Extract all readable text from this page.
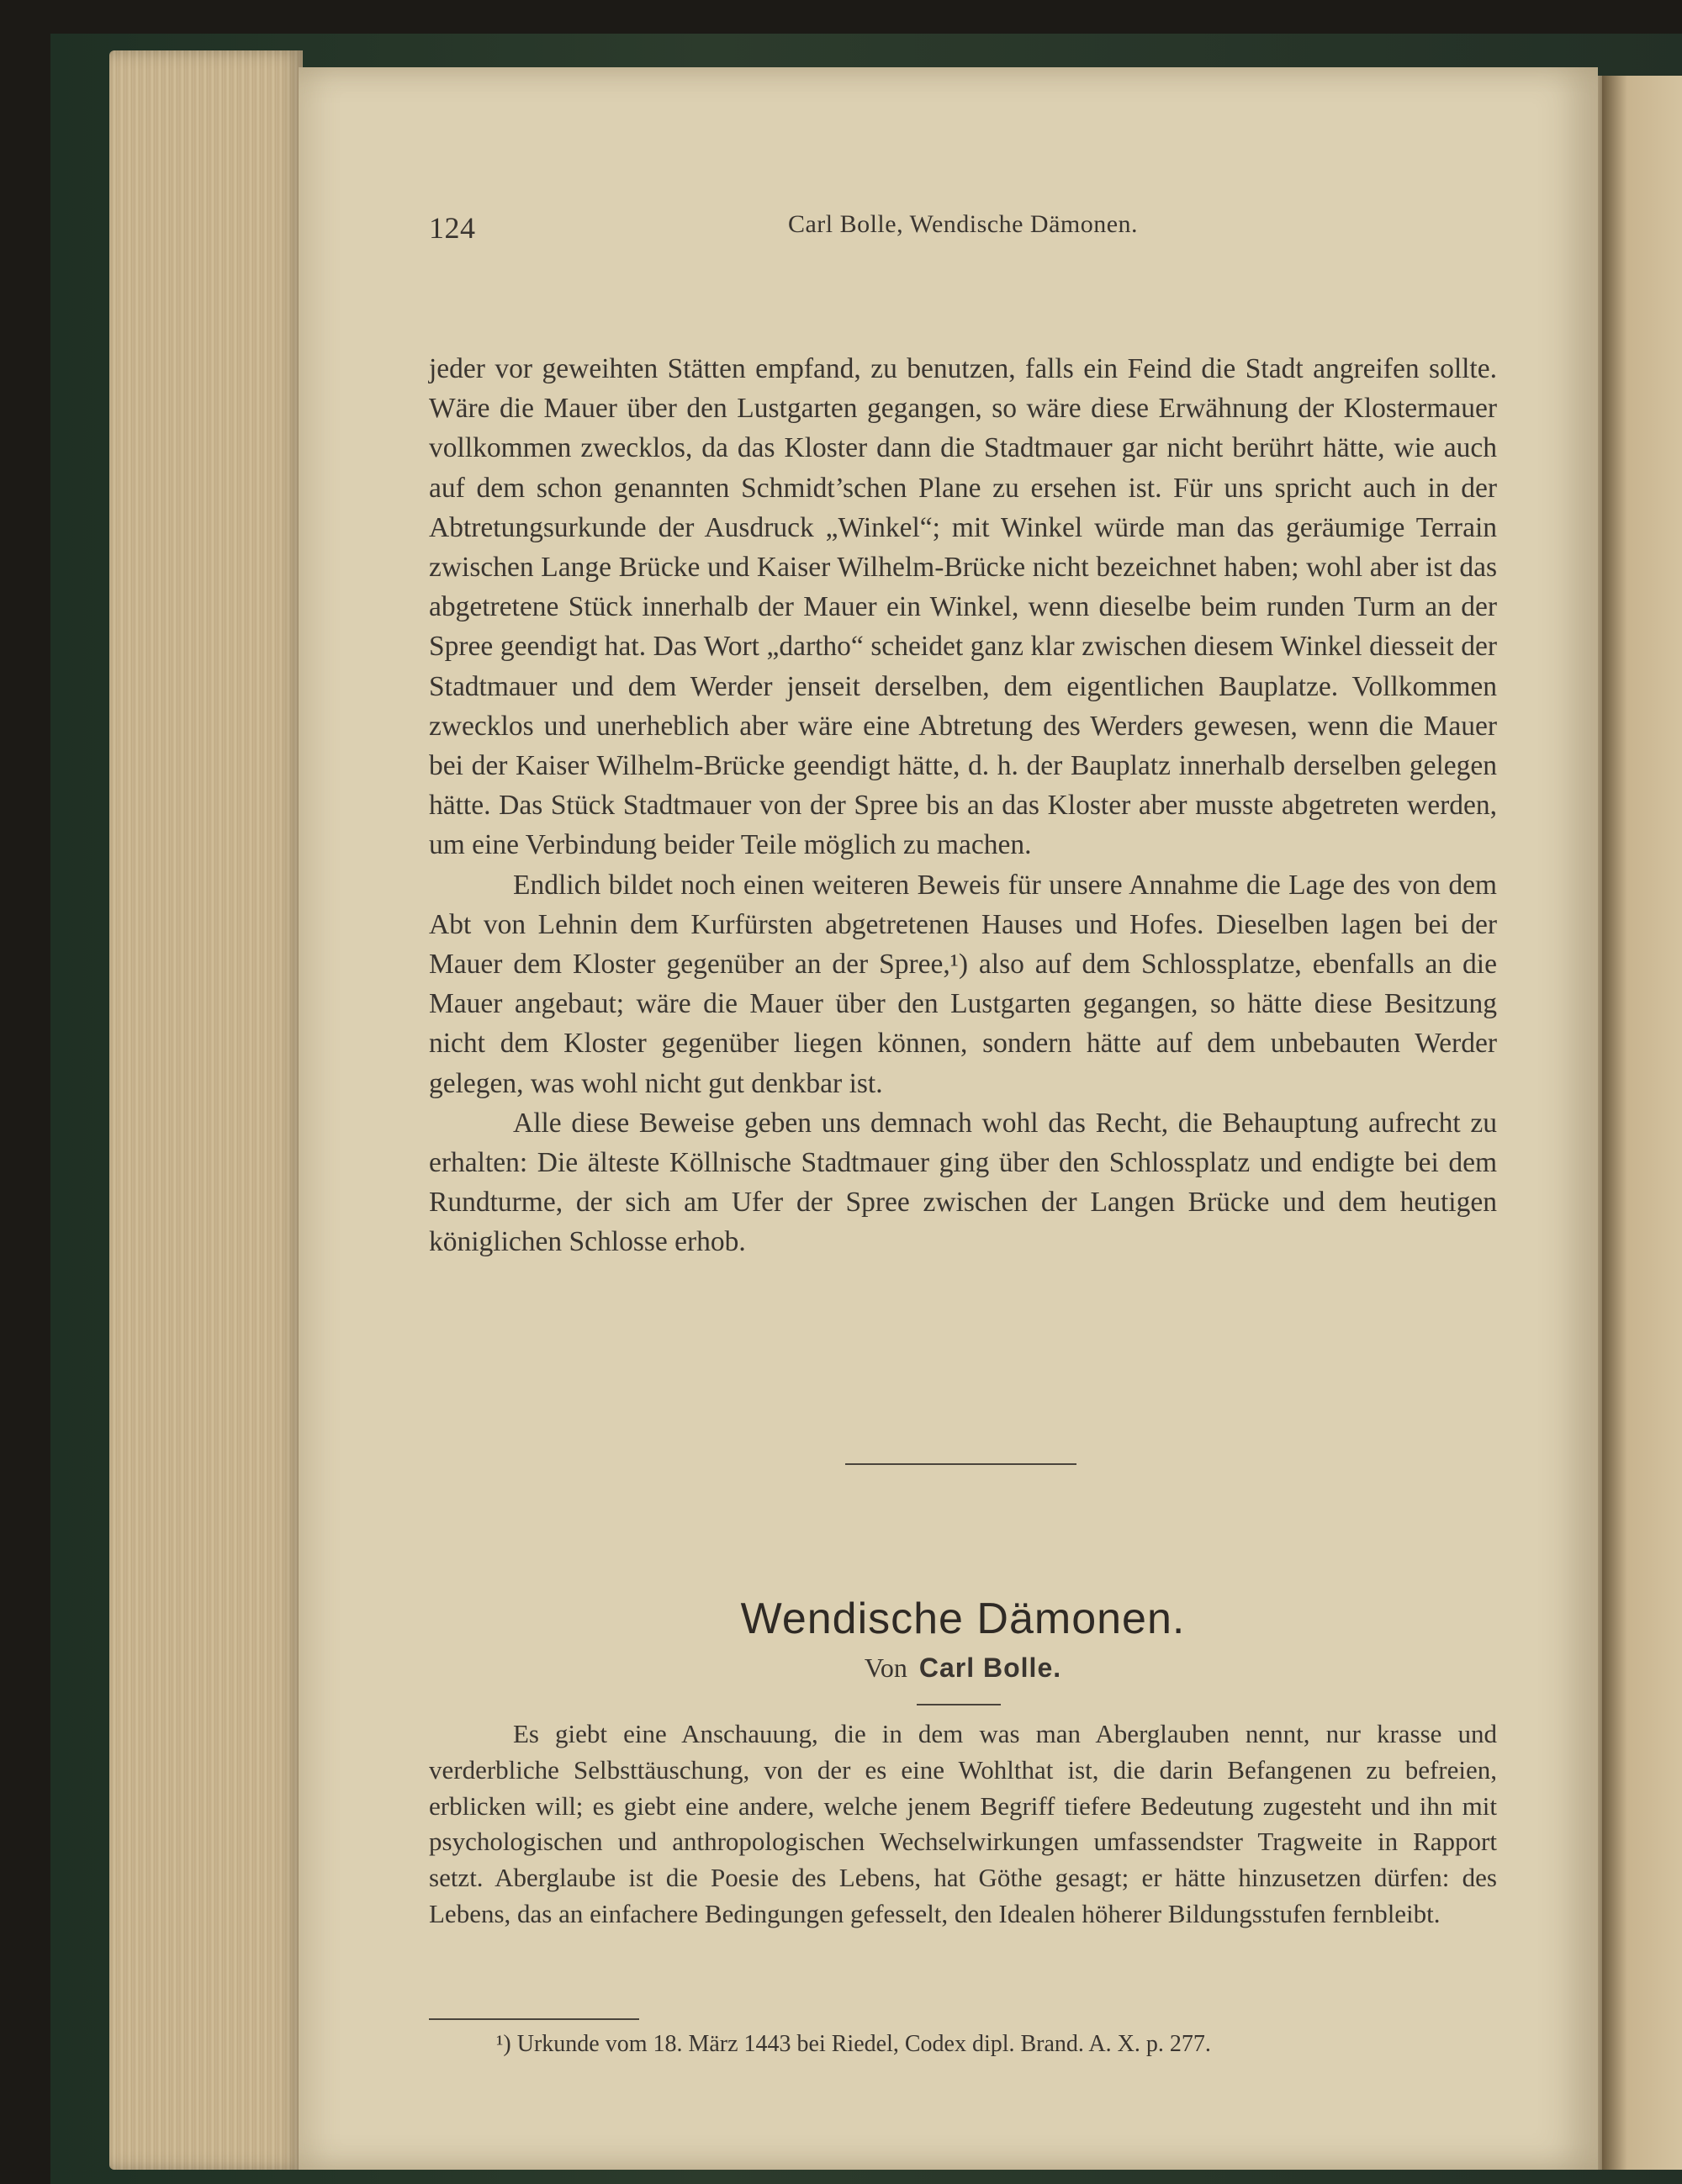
124	Carl Bolle, Wendische Dämonen.

jeder vor geweihten Stätten empfand, zu benutzen, falls ein Feind die Stadt angreifen sollte. Wäre die Mauer über den Lustgarten gegangen, so wäre diese Erwähnung der Klostermauer vollkommen zwecklos, da das Kloster dann die Stadtmauer gar nicht berührt hätte, wie auch auf dem schon genannten Schmidt’schen Plane zu ersehen ist. Für uns spricht auch in der Abtretungsurkunde der Ausdruck „Winkel“; mit Winkel würde man das geräumige Terrain zwischen Lange Brücke und Kaiser Wilhelm-Brücke nicht bezeichnet haben; wohl aber ist das abgetretene Stück innerhalb der Mauer ein Winkel, wenn dieselbe beim runden Turm an der Spree geendigt hat. Das Wort „dartho“ scheidet ganz klar zwischen diesem Winkel diesseit der Stadtmauer und dem Werder jenseit derselben, dem eigentlichen Bauplatze. Vollkommen zwecklos und unerheblich aber wäre eine Abtretung des Werders gewesen, wenn die Mauer bei der Kaiser Wilhelm-Brücke geendigt hätte, d. h. der Bauplatz innerhalb derselben gelegen hätte. Das Stück Stadtmauer von der Spree bis an das Kloster aber musste abgetreten werden, um eine Verbindung beider Teile möglich zu machen.

Endlich bildet noch einen weiteren Beweis für unsere Annahme die Lage des von dem Abt von Lehnin dem Kurfürsten abgetretenen Hauses und Hofes. Dieselben lagen bei der Mauer dem Kloster gegenüber an der Spree,¹) also auf dem Schlossplatze, ebenfalls an die Mauer angebaut; wäre die Mauer über den Lustgarten gegangen, so hätte diese Besitzung nicht dem Kloster gegenüber liegen können, sondern hätte auf dem unbebauten Werder gelegen, was wohl nicht gut denkbar ist.

Alle diese Beweise geben uns demnach wohl das Recht, die Behauptung aufrecht zu erhalten: Die älteste Köllnische Stadtmauer ging über den Schlossplatz und endigte bei dem Rundturme, der sich am Ufer der Spree zwischen der Langen Brücke und dem heutigen königlichen Schlosse erhob.

Wendische Dämonen.
Von Carl Bolle.

Es giebt eine Anschauung, die in dem was man Aberglauben nennt, nur krasse und verderbliche Selbsttäuschung, von der es eine Wohlthat ist, die darin Befangenen zu befreien, erblicken will; es giebt eine andere, welche jenem Begriff tiefere Bedeutung zugesteht und ihn mit psychologischen und anthropologischen Wechselwirkungen umfassendster Tragweite in Rapport setzt. Aberglaube ist die Poesie des Lebens, hat Göthe gesagt; er hätte hinzusetzen dürfen: des Lebens, das an einfachere Bedingungen gefesselt, den Idealen höherer Bildungsstufen fernbleibt.

¹) Urkunde vom 18. März 1443 bei Riedel, Codex dipl. Brand. A. X. p. 277.
